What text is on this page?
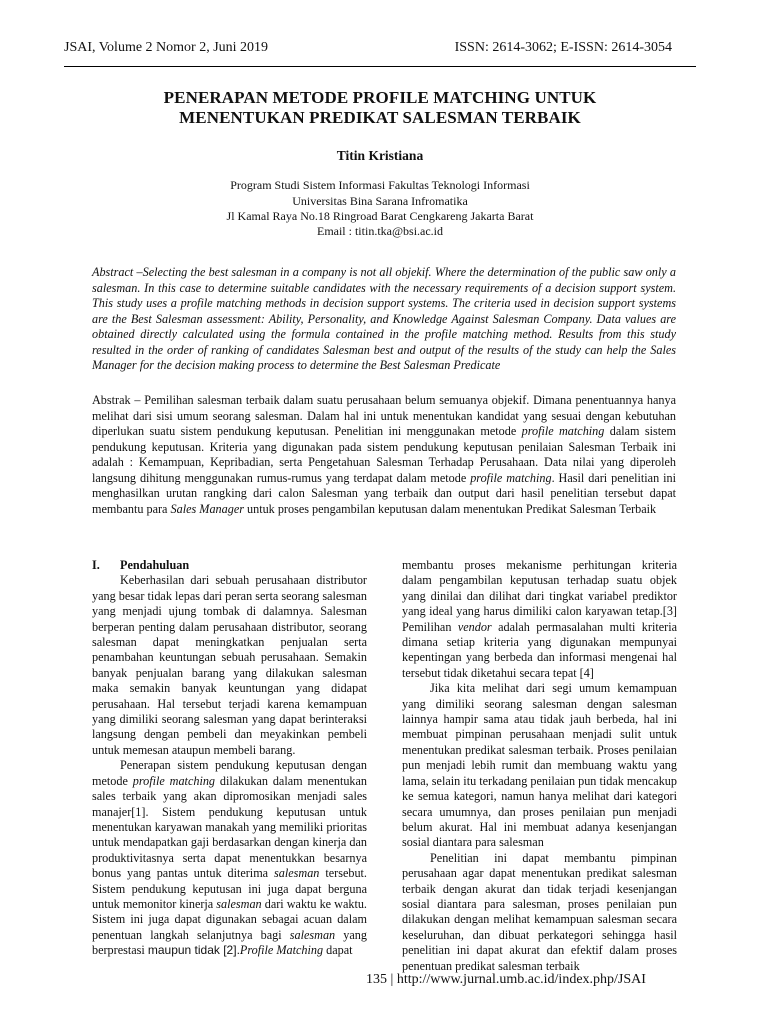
JSAI, Volume 2 Nomor 2, Juni 2019	ISSN: 2614-3062; E-ISSN: 2614-3054
PENERAPAN METODE PROFILE MATCHING UNTUK
MENENTUKAN PREDIKAT SALESMAN TERBAIK
Titin Kristiana
Program Studi Sistem Informasi Fakultas Teknologi Informasi
Universitas Bina Sarana Infromatika
Jl Kamal Raya No.18 Ringroad Barat Cengkareng Jakarta Barat
Email : titin.tka@bsi.ac.id
Abstract –Selecting the best salesman in a company is not all objekif. Where the determination of the public saw only a salesman. In this case to determine suitable candidates with the necessary requirements of a decision support system. This study uses a profile matching methods in decision support systems. The criteria used in decision support systems are the Best Salesman assessment: Ability, Personality, and Knowledge Against Salesman Company. Data values are obtained directly calculated using the formula contained in the profile matching method. Results from this study resulted in the order of ranking of candidates Salesman best and output of the results of the study can help the Sales Manager for the decision making process to determine the Best Salesman Predicate
Abstrak – Pemilihan salesman terbaik dalam suatu perusahaan belum semuanya objekif. Dimana penentuannya hanya melihat dari sisi umum seorang salesman. Dalam hal ini untuk menentukan kandidat yang sesuai dengan kebutuhan diperlukan suatu sistem pendukung keputusan. Penelitian ini menggunakan metode profile matching dalam sistem pendukung keputusan. Kriteria yang digunakan pada sistem pendukung keputusan penilaian Salesman Terbaik ini adalah : Kemampuan, Kepribadian, serta Pengetahuan Salesman Terhadap Perusahaan. Data nilai yang diperoleh langsung dihitung menggunakan rumus-rumus yang terdapat dalam metode profile matching. Hasil dari penelitian ini menghasilkan urutan rangking dari calon Salesman yang terbaik dan output dari hasil penelitian tersebut dapat membantu para Sales Manager untuk proses pengambilan keputusan dalam menentukan Predikat Salesman Terbaik
I.	Pendahuluan

Keberhasilan dari sebuah perusahaan distributor yang besar tidak lepas dari peran serta seorang salesman yang menjadi ujung tombak di dalamnya. Salesman berperan penting dalam perusahaan distributor, seorang salesman dapat meningkatkan penjualan serta penambahan keuntungan sebuah perusahaan. Semakin banyak penjualan barang yang dilakukan salesman maka semakin banyak keuntungan yang didapat perusahaan. Hal tersebut terjadi karena kemampuan yang dimiliki seorang salesman yang dapat berinteraksi langsung dengan pembeli dan meyakinkan pembeli untuk memesan ataupun membeli barang.

Penerapan sistem pendukung keputusan dengan metode profile matching dilakukan dalam menentukan sales terbaik yang akan dipromosikan menjadi sales manajer[1]. Sistem pendukung keputusan untuk menentukan karyawan manakah yang memiliki prioritas untuk mendapatkan gaji berdasarkan dengan kinerja dan produktivitasnya serta dapat menentukkan besarnya bonus yang pantas untuk diterima salesman tersebut. Sistem pendukung keputusan ini juga dapat berguna untuk memonitor kinerja salesman dari waktu ke waktu. Sistem ini juga dapat digunakan sebagai acuan dalam penentuan langkah selanjutnya bagi salesman yang berprestasi maupun tidak [2].Profile Matching dapat

membantu proses mekanisme perhitungan kriteria dalam pengambilan keputusan terhadap suatu objek yang dinilai dan dilihat dari tingkat variabel prediktor yang ideal yang harus dimiliki calon karyawan tetap.[3] Pemilihan vendor adalah permasalahan multi kriteria dimana setiap kriteria yang digunakan mempunyai kepentingan yang berbeda dan informasi mengenai hal tersebut tidak diketahui secara tepat [4]

Jika kita melihat dari segi umum kemampuan yang dimiliki seorang salesman dengan salesman lainnya hampir sama atau tidak jauh berbeda, hal ini membuat pimpinan perusahaan menjadi sulit untuk menentukan predikat salesman terbaik. Proses penilaian pun menjadi lebih rumit dan membuang waktu yang lama, selain itu terkadang penilaian pun tidak mencakup ke semua kategori, namun hanya melihat dari kategori secara umumnya, dan proses penilaian pun menjadi belum akurat. Hal ini membuat adanya kesenjangan sosial diantara para salesman

Penelitian ini dapat membantu pimpinan perusahaan agar dapat menentukan predikat salesman terbaik dengan akurat dan tidak terjadi kesenjangan sosial diantara para salesman, proses penilaian pun dilakukan dengan melihat kemampuan salesman secara keseluruhan, dan dibuat perkategori sehingga hasil penelitian ini dapat akurat dan efektif dalam proses penentuan predikat salesman terbaik

135 | http://www.jurnal.umb.ac.id/index.php/JSAI
